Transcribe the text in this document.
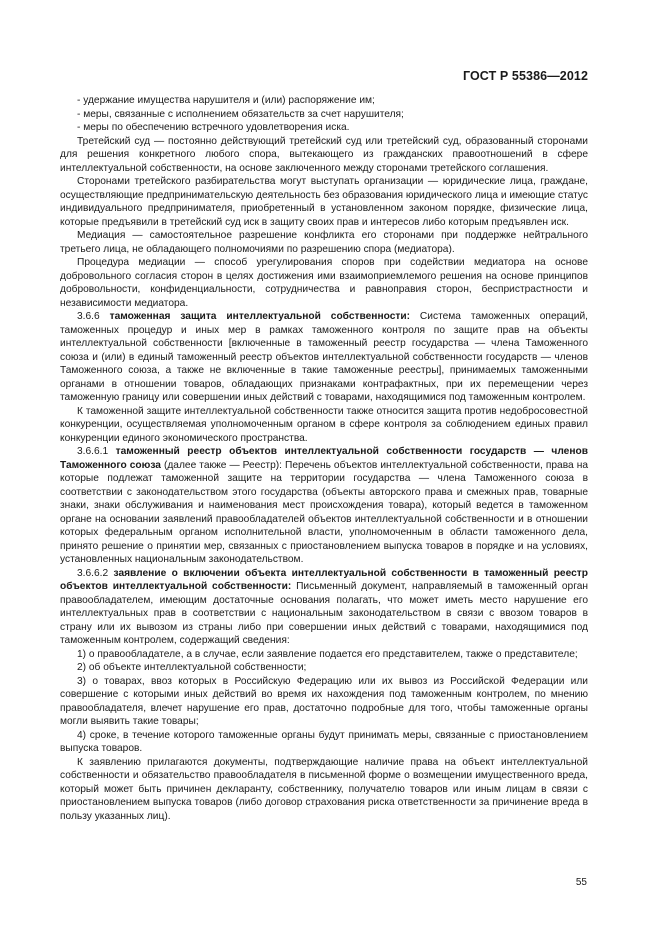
ГОСТ Р 55386—2012

- удержание имущества нарушителя и (или) распоряжение им;

- меры, связанные с исполнением обязательств за счет нарушителя;

- меры по обеспечению встречного удовлетворения иска.

Третейский суд — постоянно действующий третейский суд или третейский суд, образованный сторонами для решения конкретного любого спора, вытекающего из гражданских правоотношений в сфере интеллектуальной собственности, на основе заключенного между сторонами третейского соглашения.

Сторонами третейского разбирательства могут выступать организации — юридические лица, граждане, осуществляющие предпринимательскую деятельность без образования юридического лица и имеющие статус индивидуального предпринимателя, приобретенный в установленном законом порядке, физические лица, которые предъявили в третейский суд иск в защиту своих прав и интересов либо которым предъявлен иск.

Медиация — самостоятельное разрешение конфликта его сторонами при поддержке нейтрального третьего лица, не обладающего полномочиями по разрешению спора (медиатора).

Процедура медиации — способ урегулирования споров при содействии медиатора на основе добровольного согласия сторон в целях достижения ими взаимоприемлемого решения на основе принципов добровольности, конфиденциальности, сотрудничества и равноправия сторон, беспристрастности и независимости медиатора.

3.6.6 таможенная защита интеллектуальной собственности: Система таможенных операций, таможенных процедур и иных мер в рамках таможенного контроля по защите прав на объекты интеллектуальной собственности [включенные в таможенный реестр государства — члена Таможенного союза и (или) в единый таможенный реестр объектов интеллектуальной собственности государств — членов Таможенного союза, а также не включенные в такие таможенные реестры], принимаемых таможенными органами в отношении товаров, обладающих признаками контрафактных, при их перемещении через таможенную границу или совершении иных действий с товарами, находящимися под таможенным контролем.

К таможенной защите интеллектуальной собственности также относится защита против недобросовестной конкуренции, осуществляемая уполномоченным органом в сфере контроля за соблюдением единых правил конкуренции единого экономического пространства.

3.6.6.1 таможенный реестр объектов интеллектуальной собственности государств — членов Таможенного союза (далее также — Реестр): Перечень объектов интеллектуальной собственности, права на которые подлежат таможенной защите на территории государства — члена Таможенного союза в соответствии с законодательством этого государства (объекты авторского права и смежных прав, товарные знаки, знаки обслуживания и наименования мест происхождения товара), который ведется в таможенном органе на основании заявлений правообладателей объектов интеллектуальной собственности и в отношении которых федеральным органом исполнительной власти, уполномоченным в области таможенного дела, принято решение о принятии мер, связанных с приостановлением выпуска товаров в порядке и на условиях, установленных национальным законодательством.

3.6.6.2 заявление о включении объекта интеллектуальной собственности в таможенный реестр объектов интеллектуальной собственности: Письменный документ, направляемый в таможенный орган правообладателем, имеющим достаточные основания полагать, что может иметь место нарушение его интеллектуальных прав в соответствии с национальным законодательством в связи с ввозом товаров в страну или их вывозом из страны либо при совершении иных действий с товарами, находящимися под таможенным контролем, содержащий сведения:

1) о правообладателе, а в случае, если заявление подается его представителем, также о представителе;

2) об объекте интеллектуальной собственности;

3) о товарах, ввоз которых в Российскую Федерацию или их вывоз из Российской Федерации или совершение с которыми иных действий во время их нахождения под таможенным контролем, по мнению правообладателя, влечет нарушение его прав, достаточно подробные для того, чтобы таможенные органы могли выявить такие товары;

4) сроке, в течение которого таможенные органы будут принимать меры, связанные с приостановлением выпуска товаров.

К заявлению прилагаются документы, подтверждающие наличие права на объект интеллектуальной собственности и обязательство правообладателя в письменной форме о возмещении имущественного вреда, который может быть причинен декларанту, собственнику, получателю товаров или иным лицам в связи с приостановлением выпуска товаров (либо договор страхования риска ответственности за причинение вреда в пользу указанных лиц).

55
